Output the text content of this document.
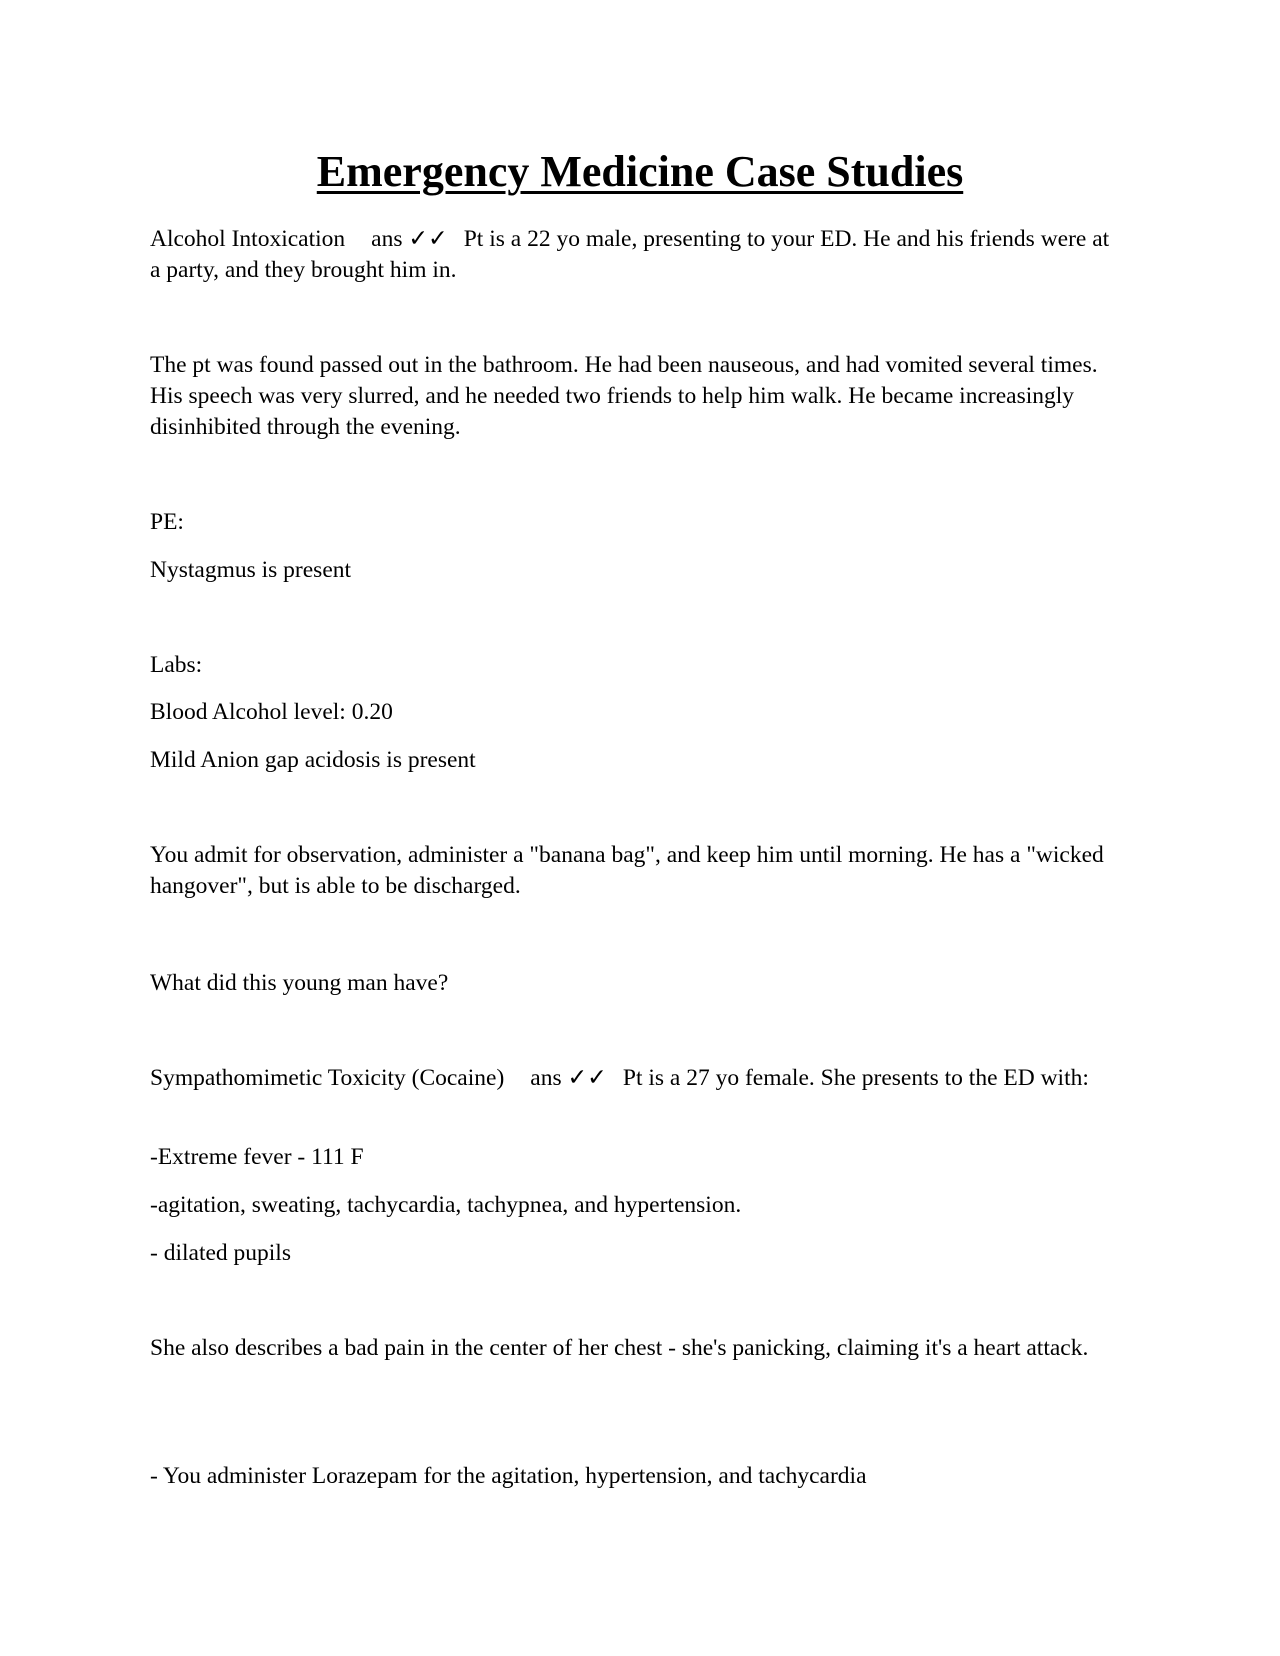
Emergency Medicine Case Studies

Alcohol Intoxication ans ✓✓ Pt is a 22 yo male, presenting to your ED. He and his friends were at a party, and they brought him in.

The pt was found passed out in the bathroom. He had been nauseous, and had vomited several times. His speech was very slurred, and he needed two friends to help him walk. He became increasingly disinhibited through the evening.

PE:

Nystagmus is present

Labs:

Blood Alcohol level: 0.20

Mild Anion gap acidosis is present

You admit for observation, administer a "banana bag", and keep him until morning. He has a "wicked hangover", but is able to be discharged.

What did this young man have?

Sympathomimetic Toxicity (Cocaine) ans ✓✓ Pt is a 27 yo female. She presents to the ED with:

-Extreme fever - 111 F

-agitation, sweating, tachycardia, tachypnea, and hypertension.

- dilated pupils

She also describes a bad pain in the center of her chest - she's panicking, claiming it's a heart attack.

- You administer Lorazepam for the agitation, hypertension, and tachycardia
